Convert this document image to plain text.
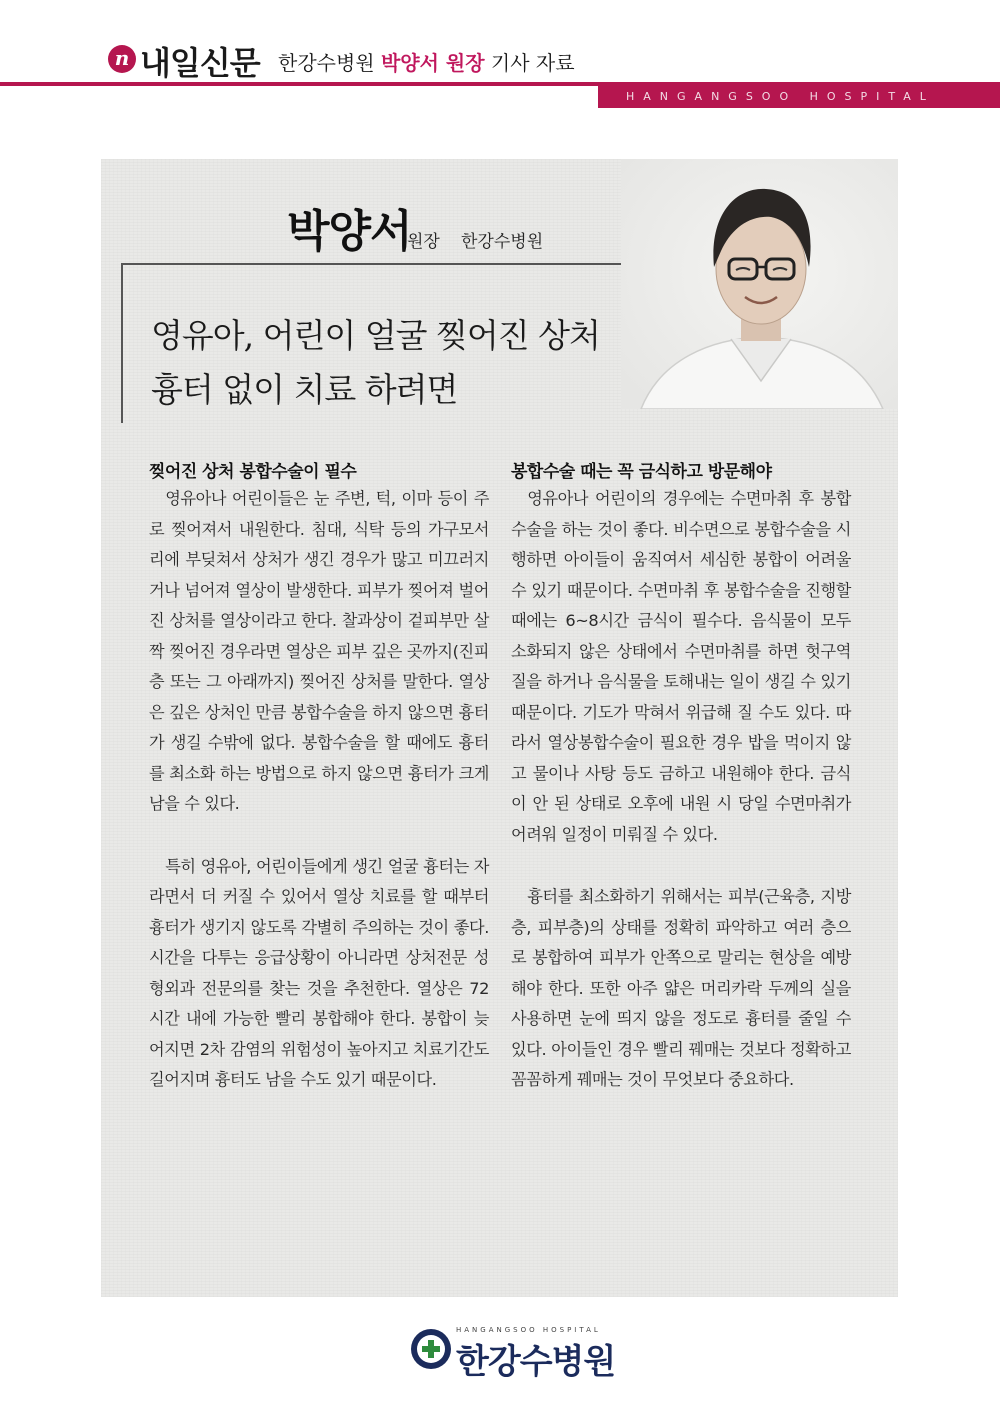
n 내일신문 한강수병원 박양서 원장 기사 자료
HANGANGSOO HOSPITAL
박양서
원장 한강수병원
영유아, 어린이 얼굴 찢어진 상처
흉터 없이 치료 하려면
찢어진 상처 봉합수술이 필수

영유아나 어린이들은 눈 주변, 턱, 이마 등이 주로 찢어져서 내원한다. 침대, 식탁 등의 가구모서리에 부딪쳐서 상처가 생긴 경우가 많고 미끄러지거나 넘어져 열상이 발생한다. 피부가 찢어져 벌어진 상처를 열상이라고 한다. 찰과상이 겉피부만 살짝 찢어진 경우라면 열상은 피부 깊은 곳까지(진피층 또는 그 아래까지) 찢어진 상처를 말한다. 열상은 깊은 상처인 만큼 봉합수술을 하지 않으면 흉터가 생길 수밖에 없다. 봉합수술을 할 때에도 흉터를 최소화 하는 방법으로 하지 않으면 흉터가 크게 남을 수 있다.

특히 영유아, 어린이들에게 생긴 얼굴 흉터는 자라면서 더 커질 수 있어서 열상 치료를 할 때부터 흉터가 생기지 않도록 각별히 주의하는 것이 좋다. 시간을 다투는 응급상황이 아니라면 상처전문 성형외과 전문의를 찾는 것을 추천한다. 열상은 72시간 내에 가능한 빨리 봉합해야 한다. 봉합이 늦어지면 2차 감염의 위험성이 높아지고 치료기간도 길어지며 흉터도 남을 수도 있기 때문이다.

봉합수술 때는 꼭 금식하고 방문해야

영유아나 어린이의 경우에는 수면마취 후 봉합수술을 하는 것이 좋다. 비수면으로 봉합수술을 시행하면 아이들이 움직여서 세심한 봉합이 어려울 수 있기 때문이다. 수면마취 후 봉합수술을 진행할 때에는 6~8시간 금식이 필수다. 음식물이 모두 소화되지 않은 상태에서 수면마취를 하면 헛구역질을 하거나 음식물을 토해내는 일이 생길 수 있기 때문이다. 기도가 막혀서 위급해 질 수도 있다. 따라서 열상봉합수술이 필요한 경우 밥을 먹이지 않고 물이나 사탕 등도 금하고 내원해야 한다. 금식이 안 된 상태로 오후에 내원 시 당일 수면마취가 어려워 일정이 미뤄질 수 있다.

흉터를 최소화하기 위해서는 피부(근육층, 지방층, 피부층)의 상태를 정확히 파악하고 여러 층으로 봉합하여 피부가 안쪽으로 말리는 현상을 예방해야 한다. 또한 아주 얇은 머리카락 두께의 실을 사용하면 눈에 띄지 않을 정도로 흉터를 줄일 수 있다. 아이들인 경우 빨리 꿰매는 것보다 정확하고 꼼꼼하게 꿰매는 것이 무엇보다 중요하다.

HANGANGSOO HOSPITAL
한강수병원
